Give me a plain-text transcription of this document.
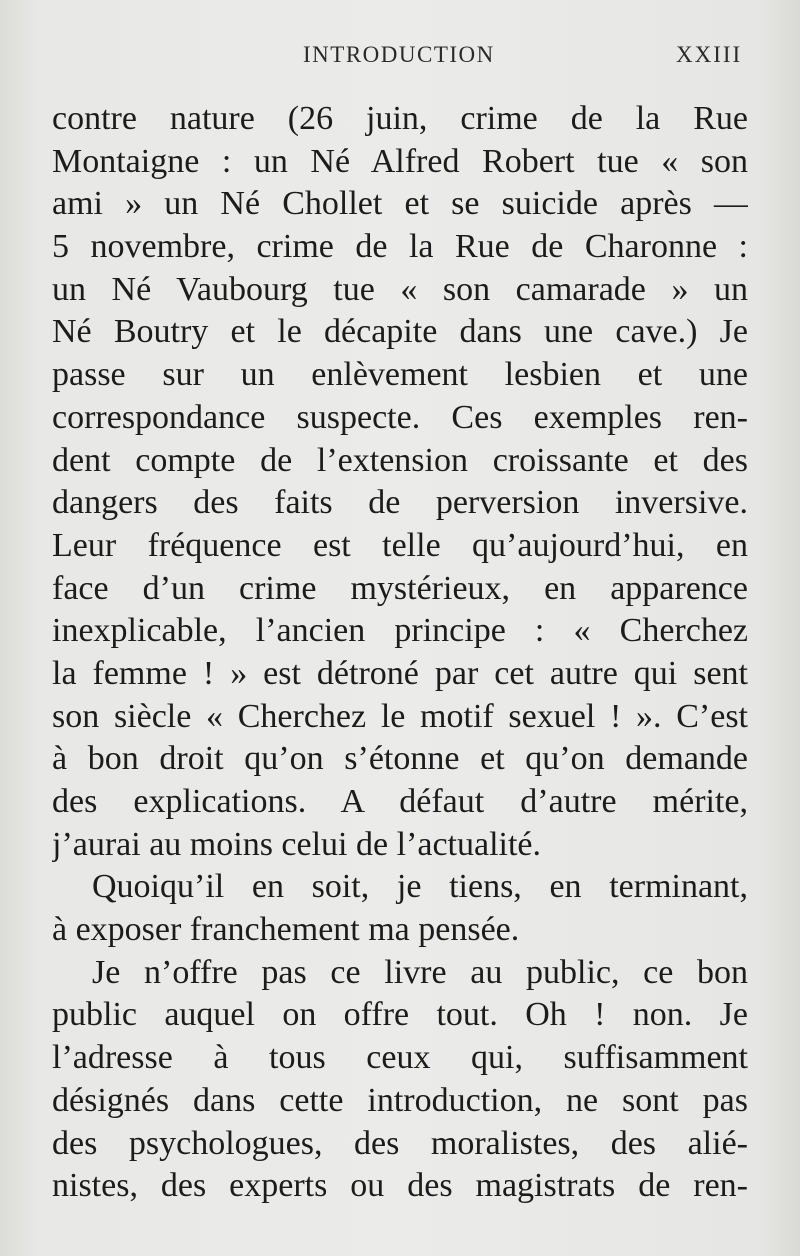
INTRODUCTION	XXIII
contre nature (26 juin, crime de la Rue
Montaigne : un Né Alfred Robert tue « son
ami » un Né Chollet et se suicide après —
5 novembre, crime de la Rue de Charonne :
un Né Vaubourg tue « son camarade » un
Né Boutry et le décapite dans une cave.) Je
passe sur un enlèvement lesbien et une
correspondance suspecte. Ces exemples ren-
dent compte de l’extension croissante et des
dangers des faits de perversion inversive.
Leur fréquence est telle qu’aujourd’hui, en
face d’un crime mystérieux, en apparence
inexplicable, l’ancien principe : « Cherchez
la femme ! » est détroné par cet autre qui sent
son siècle « Cherchez le motif sexuel ! ». C’est
à bon droit qu’on s’étonne et qu’on demande
des explications. A défaut d’autre mérite,
j’aurai au moins celui de l’actualité.
Quoiqu’il en soit, je tiens, en terminant,
à exposer franchement ma pensée.
Je n’offre pas ce livre au public, ce bon
public auquel on offre tout. Oh ! non. Je
l’adresse à tous ceux qui, suffisamment
désignés dans cette introduction, ne sont pas
des psychologues, des moralistes, des alié-
nistes, des experts ou des magistrats de ren-
